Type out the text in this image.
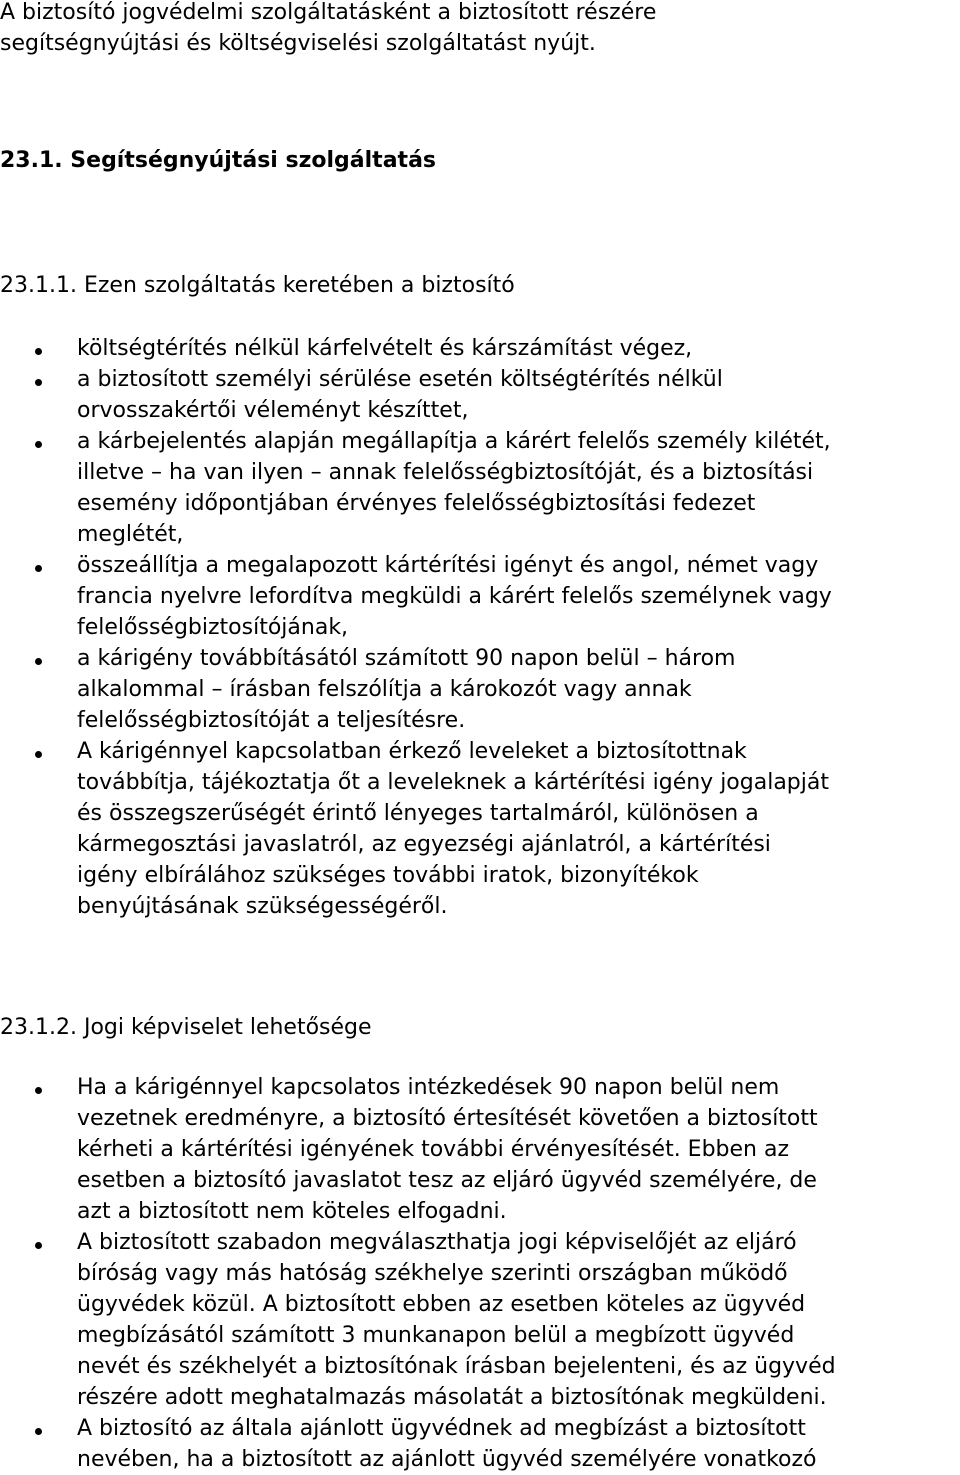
A biztosító jogvédelmi szolgáltatásként a biztosított részére
segítségnyújtási és költségviselési szolgáltatást nyújt.
23.1. Segítségnyújtási szolgáltatás
23.1.1. Ezen szolgáltatás keretében a biztosító
költségtérítés nélkül kárfelvételt és kárszámítást végez,
a biztosított személyi sérülése esetén költségtérítés nélkül
orvosszakértői véleményt készíttet,
a kárbejelentés alapján megállapítja a kárért felelős személy kilétét,
illetve – ha van ilyen – annak felelősségbiztosítóját, és a biztosítási
esemény időpontjában érvényes felelősségbiztosítási fedezet
meglétét,
összeállítja a megalapozott kártérítési igényt és angol, német vagy
francia nyelvre lefordítva megküldi a kárért felelős személynek vagy
felelősségbiztosítójának,
a kárigény továbbításától számított 90 napon belül – három
alkalommal – írásban felszólítja a károkozót vagy annak
felelősségbiztosítóját a teljesítésre.
A kárigénnyel kapcsolatban érkező leveleket a biztosítottnak
továbbítja, tájékoztatja őt a leveleknek a kártérítési igény jogalapját
és összegszerűségét érintő lényeges tartalmáról, különösen a
kármegosztási javaslatról, az egyezségi ajánlatról, a kártérítési
igény elbírálához szükséges további iratok, bizonyítékok
benyújtásának szükségességéről.
23.1.2. Jogi képviselet lehetősége
Ha a kárigénnyel kapcsolatos intézkedések 90 napon belül nem
vezetnek eredményre, a biztosító értesítését követően a biztosított
kérheti a kártérítési igényének további érvényesítését. Ebben az
esetben a biztosító javaslatot tesz az eljáró ügyvéd személyére, de
azt a biztosított nem köteles elfogadni.
A biztosított szabadon megválaszthatja jogi képviselőjét az eljáró
bíróság vagy más hatóság székhelye szerinti országban működő
ügyvédek közül. A biztosított ebben az esetben köteles az ügyvéd
megbízásától számított 3 munkanapon belül a megbízott ügyvéd
nevét és székhelyét a biztosítónak írásban bejelenteni, és az ügyvéd
részére adott meghatalmazás másolatát a biztosítónak megküldeni.
A biztosító az általa ajánlott ügyvédnek ad megbízást a biztosított
nevében, ha a biztosított az ajánlott ügyvéd személyére vonatkozó
